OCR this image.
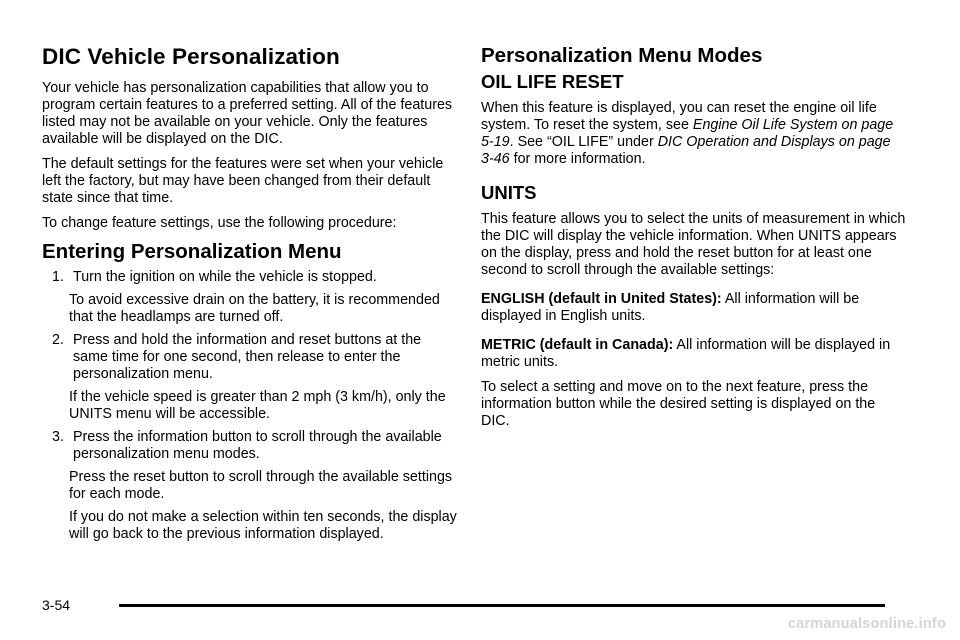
DIC Vehicle Personalization

Your vehicle has personalization capabilities that allow you to program certain features to a preferred setting. All of the features listed may not be available on your vehicle. Only the features available will be displayed on the DIC.

The default settings for the features were set when your vehicle left the factory, but may have been changed from their default state since that time.

To change feature settings, use the following procedure:

Entering Personalization Menu
1. Turn the ignition on while the vehicle is stopped.
To avoid excessive drain on the battery, it is recommended that the headlamps are turned off.
2. Press and hold the information and reset buttons at the same time for one second, then release to enter the personalization menu.
If the vehicle speed is greater than 2 mph (3 km/h), only the UNITS menu will be accessible.
3. Press the information button to scroll through the available personalization menu modes.
Press the reset button to scroll through the available settings for each mode.
If you do not make a selection within ten seconds, the display will go back to the previous information displayed.
Personalization Menu Modes
OIL LIFE RESET

When this feature is displayed, you can reset the engine oil life system. To reset the system, see Engine Oil Life System on page 5-19. See “OIL LIFE” under DIC Operation and Displays on page 3-46 for more information.

UNITS

This feature allows you to select the units of measurement in which the DIC will display the vehicle information. When UNITS appears on the display, press and hold the reset button for at least one second to scroll through the available settings:

ENGLISH (default in United States): All information will be displayed in English units.

METRIC (default in Canada): All information will be displayed in metric units.

To select a setting and move on to the next feature, press the information button while the desired setting is displayed on the DIC.

3-54
carmanualsonline.info
